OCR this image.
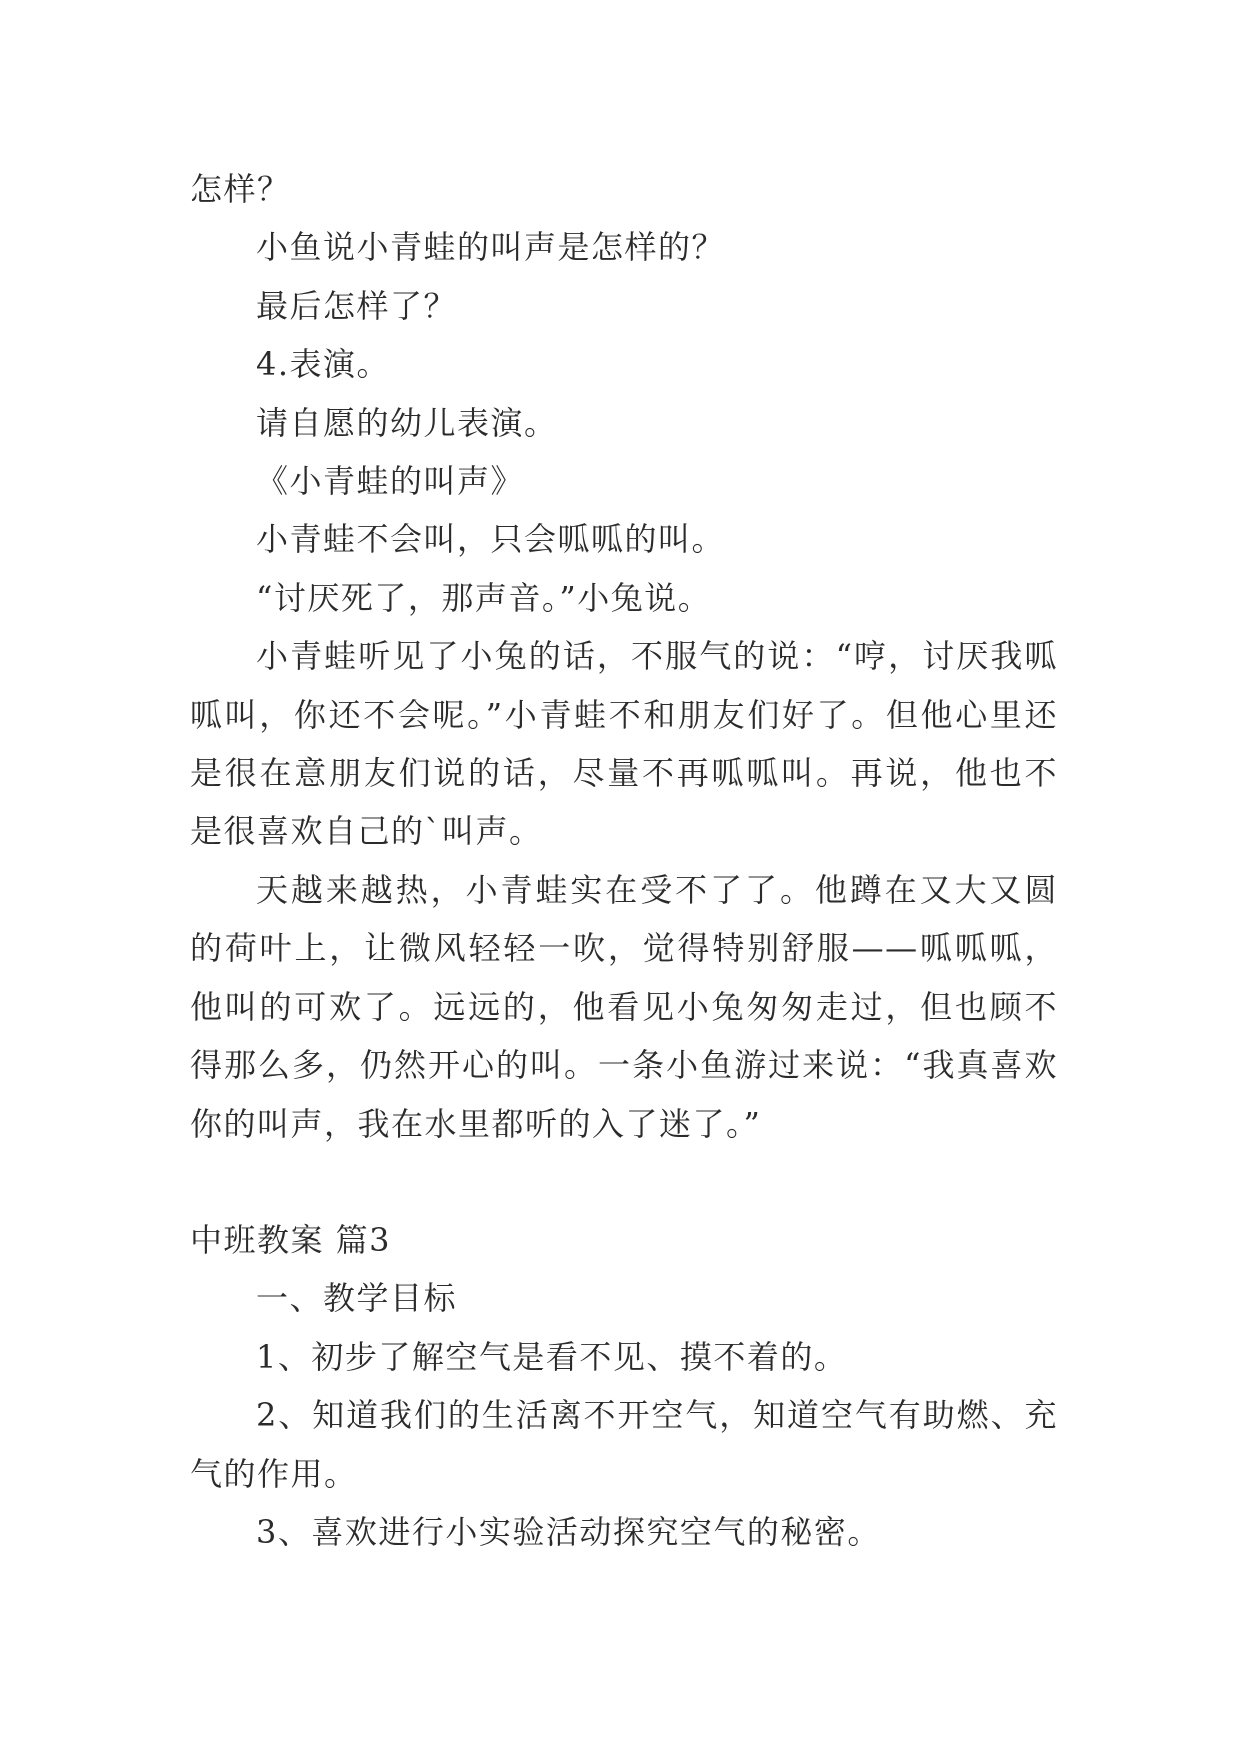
怎样？

小鱼说小青蛙的叫声是怎样的？

最后怎样了？

4.表演。

请自愿的幼儿表演。

《小青蛙的叫声》

小青蛙不会叫，只会呱呱的叫。

“讨厌死了，那声音。”小兔说。

小青蛙听见了小兔的话，不服气的说：“哼，讨厌我呱呱叫，你还不会呢。”小青蛙不和朋友们好了。但他心里还是很在意朋友们说的话，尽量不再呱呱叫。再说，他也不是很喜欢自己的`叫声。

天越来越热，小青蛙实在受不了了。他蹲在又大又圆的荷叶上，让微风轻轻一吹，觉得特别舒服——呱呱呱，他叫的可欢了。远远的，他看见小兔匆匆走过，但也顾不得那么多，仍然开心的叫。一条小鱼游过来说：“我真喜欢你的叫声，我在水里都听的入了迷了。”

中班教案 篇3

一、教学目标

1、初步了解空气是看不见、摸不着的。

2、知道我们的生活离不开空气，知道空气有助燃、充气的作用。

3、喜欢进行小实验活动探究空气的秘密。
